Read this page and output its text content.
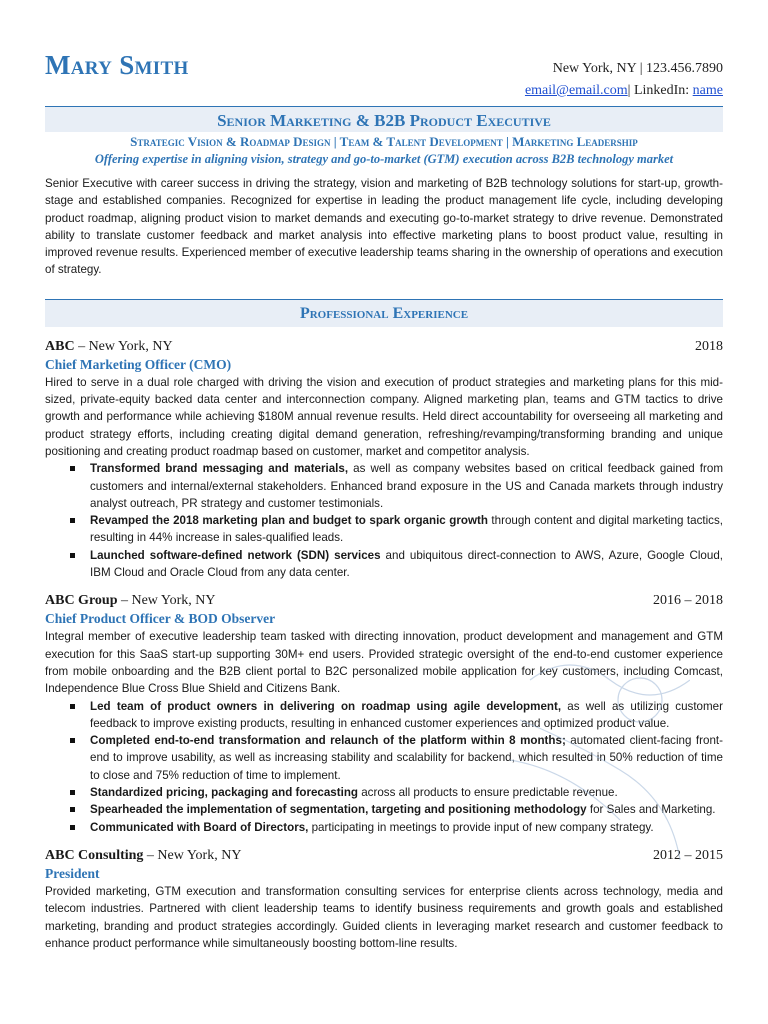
Mary Smith	New York, NY | 123.456.7890
email@email.com| LinkedIn: name
Senior Marketing & B2B Product Executive
Strategic Vision & Roadmap Design | Team & Talent Development | Marketing Leadership
Offering expertise in aligning vision, strategy and go-to-market (GTM) execution across B2B technology market

Senior Executive with career success in driving the strategy, vision and marketing of B2B technology solutions for start-up, growth-stage and established companies. Recognized for expertise in leading the product management life cycle, including developing product roadmap, aligning product vision to market demands and executing go-to-market strategy to drive revenue. Demonstrated ability to translate customer feedback and market analysis into effective marketing plans to boost product value, resulting in improved revenue results. Experienced member of executive leadership teams sharing in the ownership of operations and execution of strategy.

Professional Experience
ABC – New York, NY	2018
Chief Marketing Officer (CMO)

Hired to serve in a dual role charged with driving the vision and execution of product strategies and marketing plans for this mid-sized, private-equity backed data center and interconnection company. Aligned marketing plan, teams and GTM tactics to drive growth and performance while achieving $180M annual revenue results. Held direct accountability for overseeing all marketing and product strategy efforts, including creating digital demand generation, refreshing/revamping/transforming branding and unique positioning and creating product roadmap based on customer, market and competitor analysis.

Transformed brand messaging and materials, as well as company websites based on critical feedback gained from customers and internal/external stakeholders. Enhanced brand exposure in the US and Canada markets through industry analyst outreach, PR strategy and customer testimonials.
Revamped the 2018 marketing plan and budget to spark organic growth through content and digital marketing tactics, resulting in 44% increase in sales-qualified leads.
Launched software-defined network (SDN) services and ubiquitous direct-connection to AWS, Azure, Google Cloud, IBM Cloud and Oracle Cloud from any data center.
ABC Group – New York, NY	2016 – 2018
Chief Product Officer & BOD Observer

Integral member of executive leadership team tasked with directing innovation, product development and management and GTM execution for this SaaS start-up supporting 30M+ end users. Provided strategic oversight of the end-to-end customer experience from mobile onboarding and the B2B client portal to B2C personalized mobile application for key customers, including Comcast, Independence Blue Cross Blue Shield and Citizens Bank.

Led team of product owners in delivering on roadmap using agile development, as well as utilizing customer feedback to improve existing products, resulting in enhanced customer experiences and optimized product value.
Completed end-to-end transformation and relaunch of the platform within 8 months; automated client-facing front-end to improve usability, as well as increasing stability and scalability for backend, which resulted in 50% reduction of time to close and 75% reduction of time to implement.
Standardized pricing, packaging and forecasting across all products to ensure predictable revenue.
Spearheaded the implementation of segmentation, targeting and positioning methodology for Sales and Marketing.
Communicated with Board of Directors, participating in meetings to provide input of new company strategy.
ABC Consulting – New York, NY	2012 – 2015
President

Provided marketing, GTM execution and transformation consulting services for enterprise clients across technology, media and telecom industries. Partnered with client leadership teams to identify business requirements and growth goals and established marketing, branding and product strategies accordingly. Guided clients in leveraging market research and customer feedback to enhance product performance while simultaneously boosting bottom-line results.
